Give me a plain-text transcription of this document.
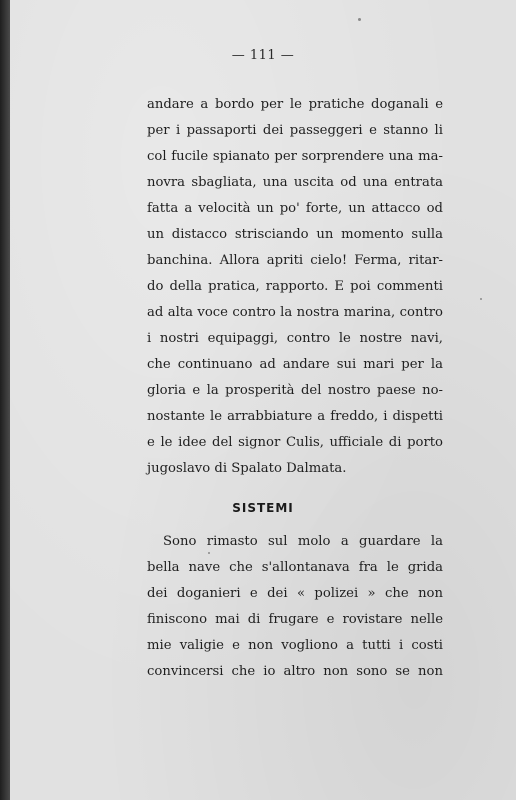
— 111 —
andare a bordo per le pratiche doganali e
per i passaporti dei passeggeri e stanno li
col fucile spianato per sorprendere una ma-
novra sbagliata, una uscita od una entrata
fatta a velocità un po' forte, un attacco od
un distacco strisciando un momento sulla
banchina. Allora apriti cielo! Ferma, ritar-
do della pratica, rapporto. E poi commenti
ad alta voce contro la nostra marina, contro
i nostri equipaggi, contro le nostre navi,
che continuano ad andare sui mari per la
gloria e la prosperità del nostro paese no-
nostante le arrabbiature a freddo, i dispetti
e le idee del signor Culis, ufficiale di porto
jugoslavo di Spalato Dalmata.
SISTEMI
Sono rimasto sul molo a guardare la
bella nave che s'allontanava fra le grida
dei doganieri e dei « polizei » che non
finiscono mai di frugare e rovistare nelle
mie valigie e non vogliono a tutti i costi
convincersi che io altro non sono se non
